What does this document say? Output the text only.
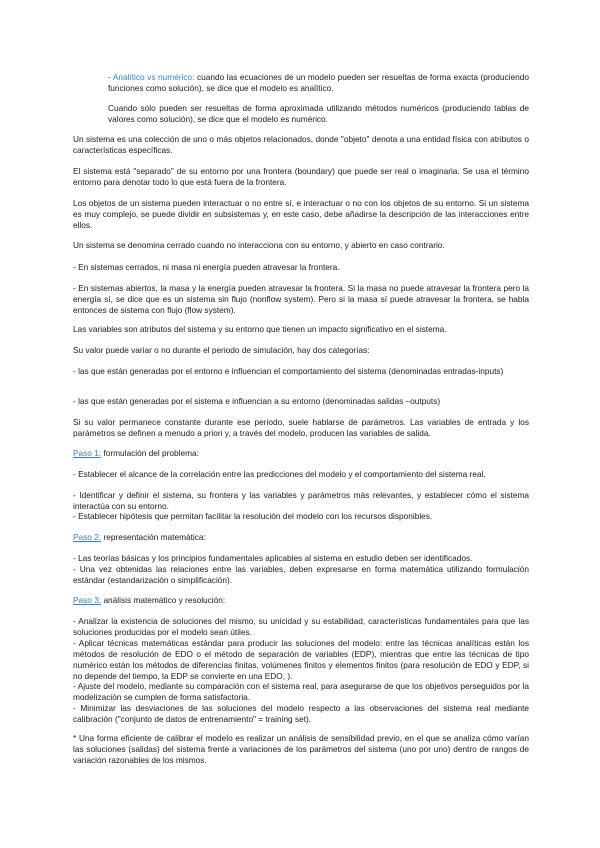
- Analítico vs numérico: cuando las ecuaciones de un modelo pueden ser resueltas de forma exacta (produciendo funciones como solución), se dice que el modelo es analítico.

Cuando sólo pueden ser resueltas de forma aproximada utilizando métodos numéricos (produciendo tablas de valores como solución), se dice que el modelo es numérico.

Un sistema es una colección de uno o más objetos relacionados, donde "objeto" denota a una entidad física con atributos o características específicas.

El sistema está "separado" de su entorno por una frontera (boundary) que puede ser real o imaginaria. Se usa el término entorno para denotar todo lo que está fuera de la frontera.

Los objetos de un sistema pueden interactuar o no entre sí, e interactuar o no con los objetos de su entorno. Si un sistema es muy complejo, se puede dividir en subsistemas y, en este caso, debe añadirse la descripción de las interacciones entre ellos.

Un sistema se denomina cerrado cuando no interacciona con su entorno, y abierto en caso contrario.

- En sistemas cerrados, ni masa ni energía pueden atravesar la frontera.

- En sistemas abiertos, la masa y la energía pueden atravesar la frontera. Si la masa no puede atravesar la frontera pero la energía sí, se dice que es un sistema sin flujo (nonflow system). Pero si la masa sí puede atravesar la frontera, se habla entonces de sistema con flujo (flow system).

Las variables son atributos del sistema y su entorno que tienen un impacto significativo en el sistema.

Su valor puede variar o no durante el periodo de simulación, hay dos categorías:

- las que están generadas por el entorno e influencian el comportamiento del sistema (denominadas entradas-inputs)

- las que están generadas por el sistema e influencian a su entorno (denominadas salidas –outputs)

Si su valor permanece constante durante ese periodo, suele hablarse de parámetros. Las variables de entrada y los parámetros se definen a menudo a priori y, a través del modelo, producen las variables de salida.

Paso 1: formulación del problema:

- Establecer el alcance de la correlación entre las predicciones del modelo y el comportamiento del sistema real.

- Identificar y definir el sistema, su frontera y las variables y parámetros más relevantes, y establecer cómo el sistema interactúa con su entorno.

- Establecer hipótesis que permitan facilitar la resolución del modelo con los recursos disponibles.

Paso 2: representación matemática:

- Las teorías básicas y los principios fundamentales aplicables al sistema en estudio deben ser identificados.

- Una vez obtenidas las relaciones entre las variables, deben expresarse en forma matemática utilizando formulación estándar (estandarización o simplificación).

Paso 3: análisis matemático y resolución:

- Analizar la existencia de soluciones del mismo, su unicidad y su estabilidad, características fundamentales para que las soluciones producidas por el modelo sean útiles.

- Aplicar técnicas matemáticas estándar para producir las soluciones del modelo: entre las técnicas analíticas están los métodos de resolución de EDO o el método de separación de variables (EDP), mientras que entre las técnicas de tipo numérico están los métodos de diferencias finitas, volúmenes finitos y elementos finitos (para resolución de EDO y EDP, si no depende del tiempo, la EDP se convierte en una EDO, ).

- Ajuste del modelo, mediante su comparación con el sistema real, para asegurarse de que los objetivos perseguidos por la modelización se cumplen de forma satisfactoria.

- Minimizar las desviaciones de las soluciones del modelo respecto a las observaciones del sistema real mediante calibración ("conjunto de datos de entrenamiento" = training set).

* Una forma eficiente de calibrar el modelo es realizar un análisis de sensibilidad previo, en el que se analiza cómo varían las soluciones (salidas) del sistema frente a variaciones de los parámetros del sistema (uno por uno) dentro de rangos de variación razonables de los mismos.
